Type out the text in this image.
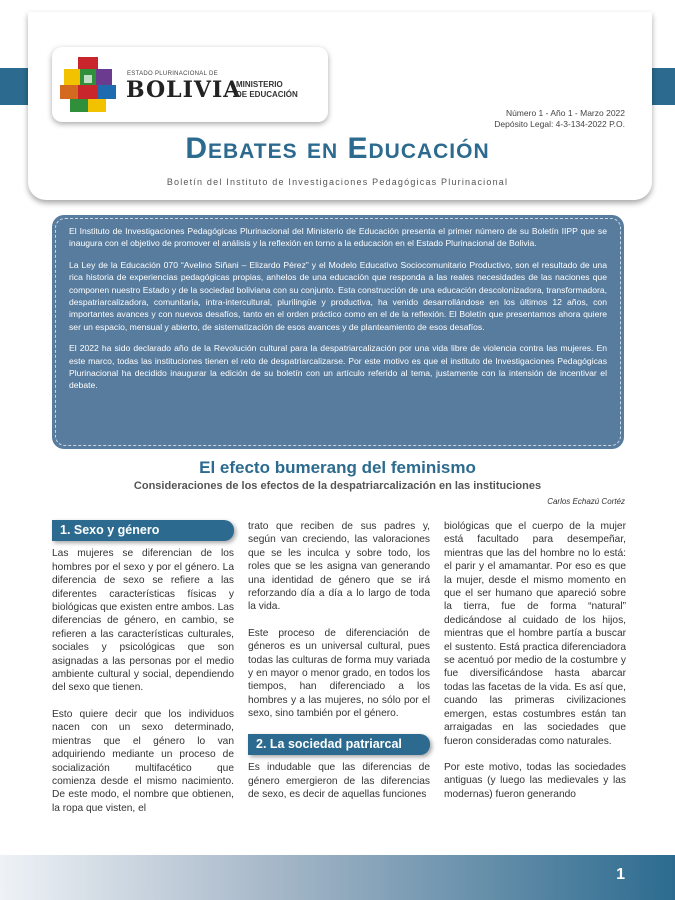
ESTADO PLURINACIONAL DE
BOLIVIA
MINISTERIO
DE EDUCACIÓN
Número 1 - Año 1 - Marzo 2022
Depósito Legal: 4-3-134-2022 P.O.
Debates en Educación
Boletín del Instituto de Investigaciones Pedagógicas Plurinacional

El Instituto de Investigaciones Pedagógicas Plurinacional del Ministerio de Educación presenta el primer número de su Boletín IIPP que se inaugura con el objetivo de promover el análisis y la reflexión en torno a la educación en el Estado Plurinacional de Bolivia.

La Ley de la Educación 070 “Avelino Siñani – Elizardo Pérez” y el Modelo Educativo Sociocomunitario Productivo, son el resultado de una rica historia de experiencias pedagógicas propias, anhelos de una educación que responda a las reales necesidades de las naciones que componen nuestro Estado y de la sociedad boliviana con su conjunto. Esta construcción de una educación descolonizadora, transformadora, despatriarcalizadora, comunitaria, intra-intercultural, plurilingüe y productiva, ha venido desarrollándose en los últimos 12 años, con importantes avances y con nuevos desafíos, tanto en el orden práctico como en el de la reflexión. El Boletín que presentamos ahora quiere ser un espacio, mensual y abierto, de sistematización de esos avances y de planteamiento de esos desafíos.

El 2022 ha sido declarado año de la Revolución cultural para la despatriarcalización por una vida libre de violencia contra las mujeres. En este marco, todas las instituciones tienen el reto de despatriarcalizarse. Por este motivo es que el instituto de Investigaciones Pedagógicas Plurinacional ha decidido inaugurar la edición de su boletín con un artículo referido al tema, justamente con la intensión de incentivar el debate.

El efecto bumerang del feminismo
Consideraciones de los efectos de la despatriarcalización en las instituciones
Carlos Echazú Cortéz
1. Sexo y género

Las mujeres se diferencian de los hombres por el sexo y por el género. La diferencia de sexo se refiere a las diferentes características físicas y biológicas que existen entre ambos. Las diferencias de género, en cambio, se refieren a las características culturales, sociales y psicológicas que son asignadas a las personas por el medio ambiente cultural y social, dependiendo del sexo que tienen.

Esto quiere decir que los individuos nacen con un sexo determinado, mientras que el género lo van adquiriendo mediante un proceso de socialización multifacético que comienza desde el mismo nacimiento. De este modo, el nombre que obtienen, la ropa que visten, el

trato que reciben de sus padres y, según van creciendo, las valoraciones que se les inculca y sobre todo, los roles que se les asigna van generando una identidad de género que se irá reforzando día a día a lo largo de toda la vida.

Este proceso de diferenciación de géneros es un universal cultural, pues todas las culturas de forma muy variada y en mayor o menor grado, en todos los tiempos, han diferenciado a los hombres y a las mujeres, no sólo por el sexo, sino también por el género.

2. La sociedad patriarcal

Es indudable que las diferencias de género emergieron de las diferencias de sexo, es decir de aquellas funciones

biológicas que el cuerpo de la mujer está facultado para desempeñar, mientras que las del hombre no lo está: el parir y el amamantar. Por eso es que la mujer, desde el mismo momento en que el ser humano que apareció sobre la tierra, fue de forma “natural” dedicándose al cuidado de los hijos, mientras que el hombre partía a buscar el sustento. Está practica diferenciadora se acentuó por medio de la costumbre y fue diversificándose hasta abarcar todas las facetas de la vida. Es así que, cuando las primeras civilizaciones emergen, estas costumbres están tan arraigadas en las sociedades que fueron consideradas como naturales.

Por este motivo, todas las sociedades antiguas (y luego las medievales y las modernas) fueron generando

1
